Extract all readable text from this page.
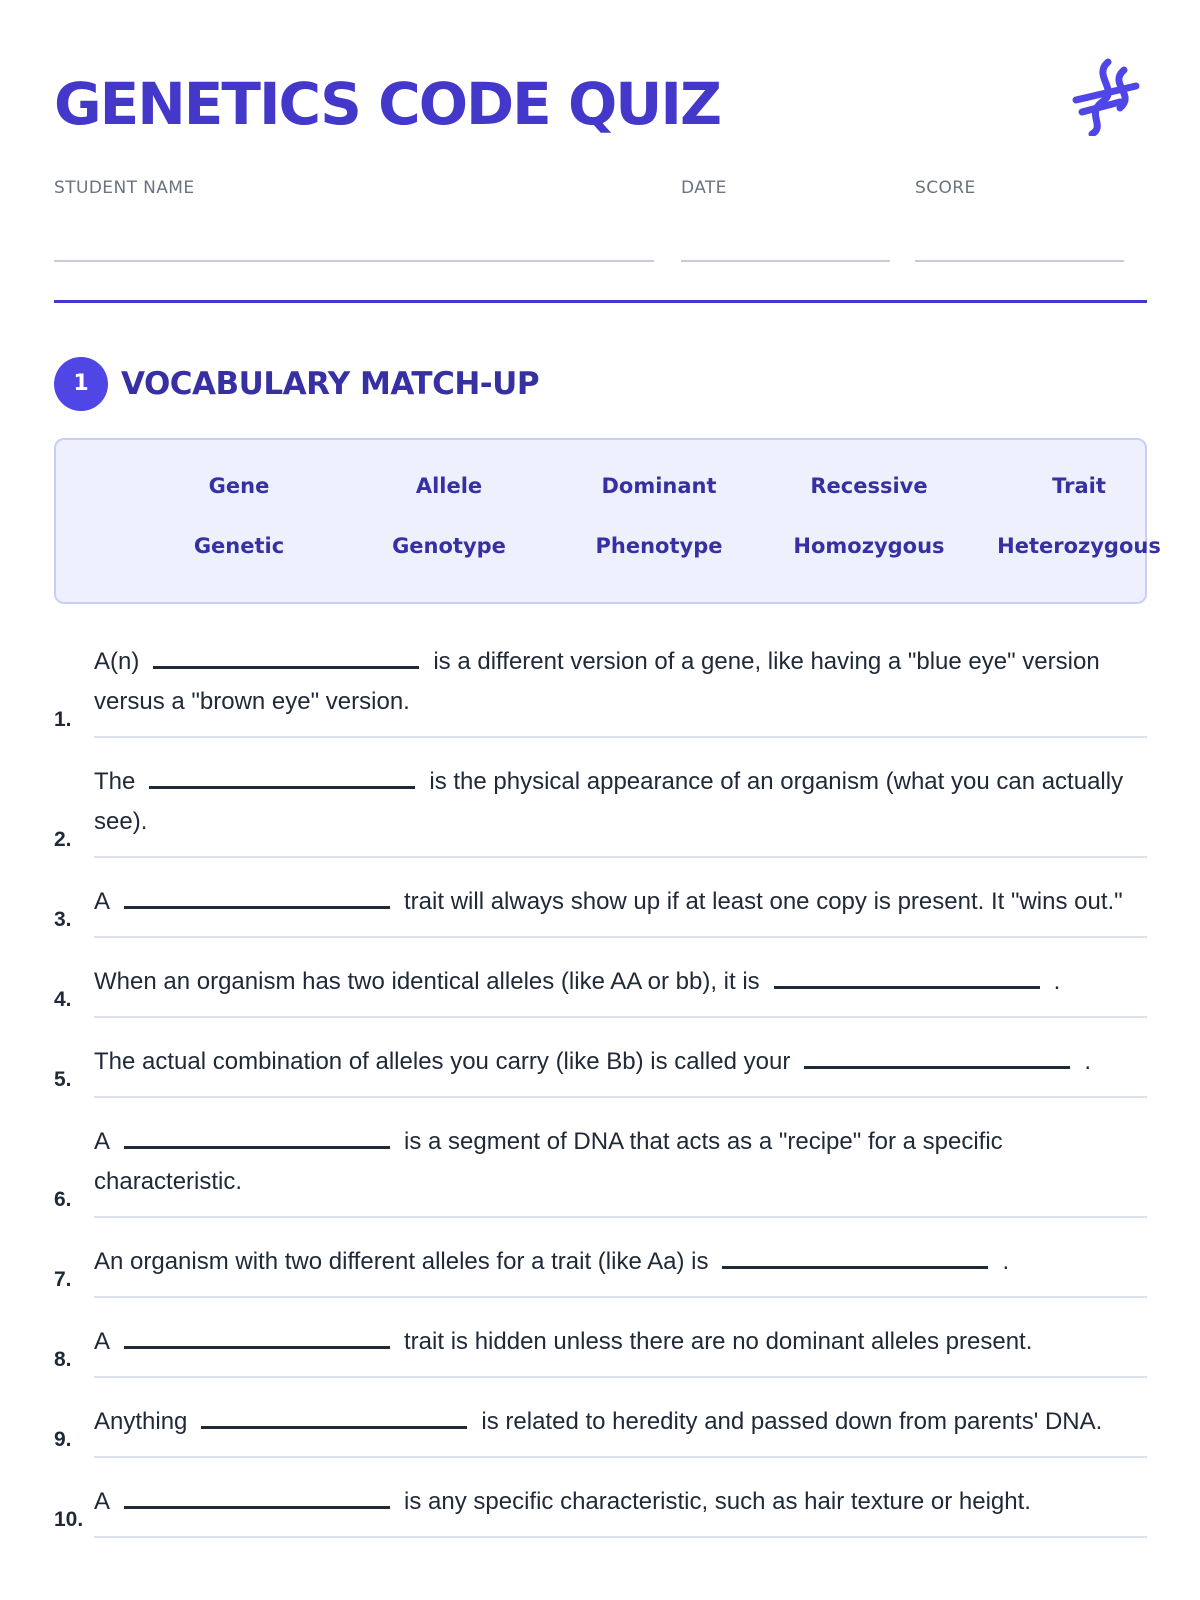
GENETICS CODE QUIZ
STUDENT NAME	DATE	SCORE
1	VOCABULARY MATCH-UP
Gene	Allele	Dominant	Recessive	Trait
Genetic	Genotype	Phenotype	Homozygous	Heterozygous
1.
A(n)	is a different version of a gene, like having a "blue eye" version versus a "brown eye" version.
2.
The	is the physical appearance of an organism (what you can actually see).
3.
A	trait will always show up if at least one copy is present. It "wins out."
4.
When an organism has two identical alleles (like AA or bb), it is	.
5.
The actual combination of alleles you carry (like Bb) is called your	.
6.
A	is a segment of DNA that acts as a "recipe" for a specific characteristic.
7.
An organism with two different alleles for a trait (like Aa) is	.
8.
A	trait is hidden unless there are no dominant alleles present.
9.
Anything	is related to heredity and passed down from parents' DNA.
10.
A	is any specific characteristic, such as hair texture or height.
